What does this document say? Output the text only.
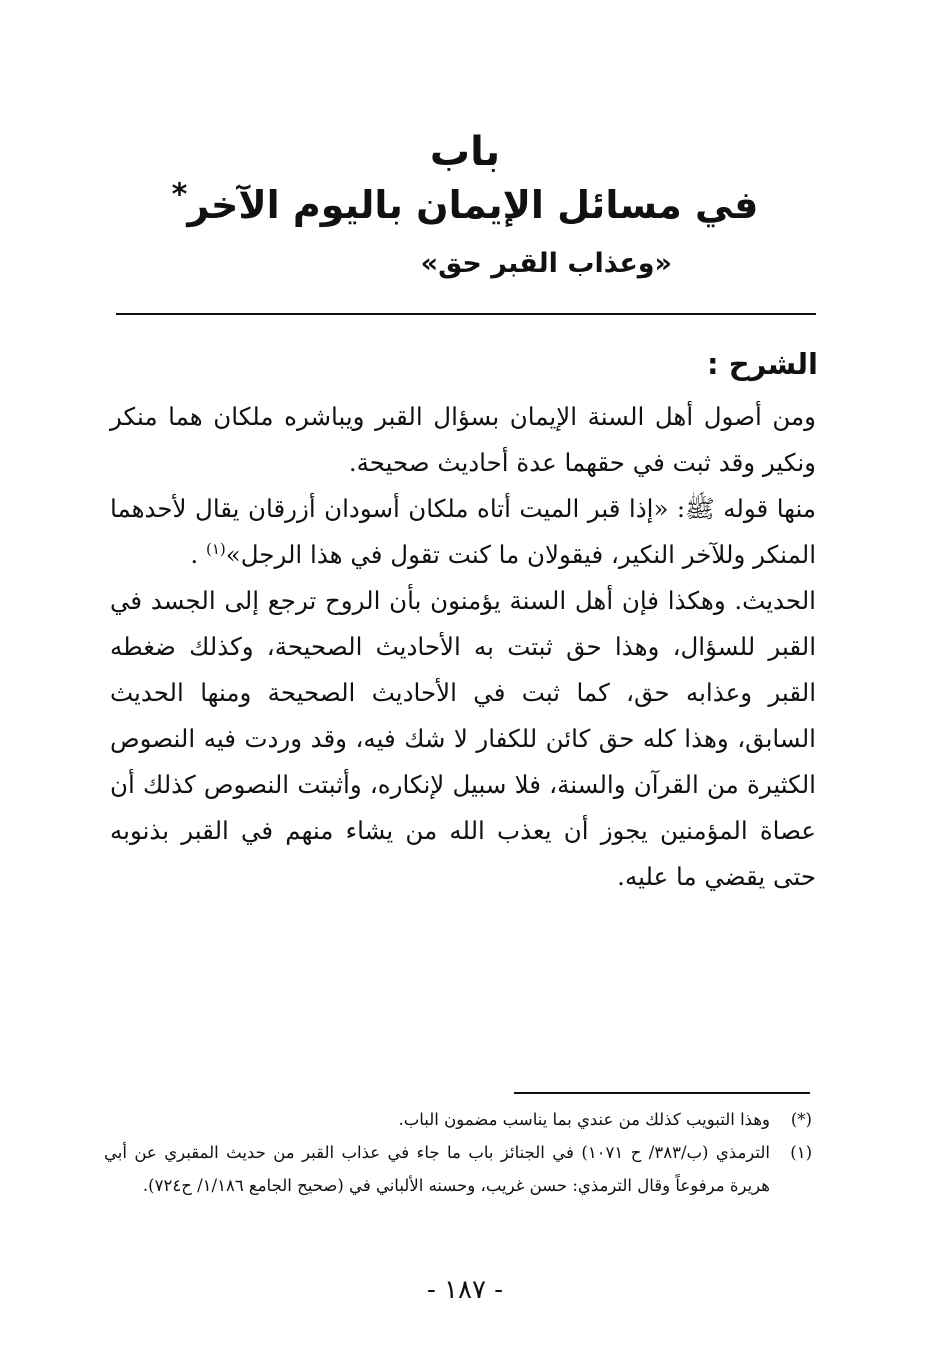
باب
في مسائل الإيمان باليوم الآخر*
«وعذاب القبر حق»
الشرح :

ومن أصول أهل السنة الإيمان بسؤال القبر ويباشره ملكان هما منكر ونكير وقد ثبت في حقهما عدة أحاديث صحيحة.

منها قوله ﷺ: «إذا قبر الميت أتاه ملكان أسودان أزرقان يقال لأحدهما المنكر وللآخر النكير، فيقولان ما كنت تقول في هذا الرجل»$^{(١)}$ .

الحديث. وهكذا فإن أهل السنة يؤمنون بأن الروح ترجع إلى الجسد في القبر للسؤال، وهذا حق ثبتت به الأحاديث الصحيحة، وكذلك ضغطه القبر وعذابه حق، كما ثبت في الأحاديث الصحيحة ومنها الحديث السابق، وهذا كله حق كائن للكفار لا شك فيه، وقد وردت فيه النصوص الكثيرة من القرآن والسنة، فلا سبيل لإنكاره، وأثبتت النصوص كذلك أن عصاة المؤمنين يجوز أن يعذب الله من يشاء منهم في القبر بذنوبه حتى يقضي ما عليه.

(*)
وهذا التبويب كذلك من عندي بما يناسب مضمون الباب.
(١)
الترمذي (ب/٣٨٣/ ح ١٠٧١) في الجنائز باب ما جاء في عذاب القبر من حديث المقبري عن أبي هريرة مرفوعاً وقال الترمذي: حسن غريب، وحسنه الألباني في (صحيح الجامع ١/١٨٦/ ح٧٢٤).
- ١٨٧ -
